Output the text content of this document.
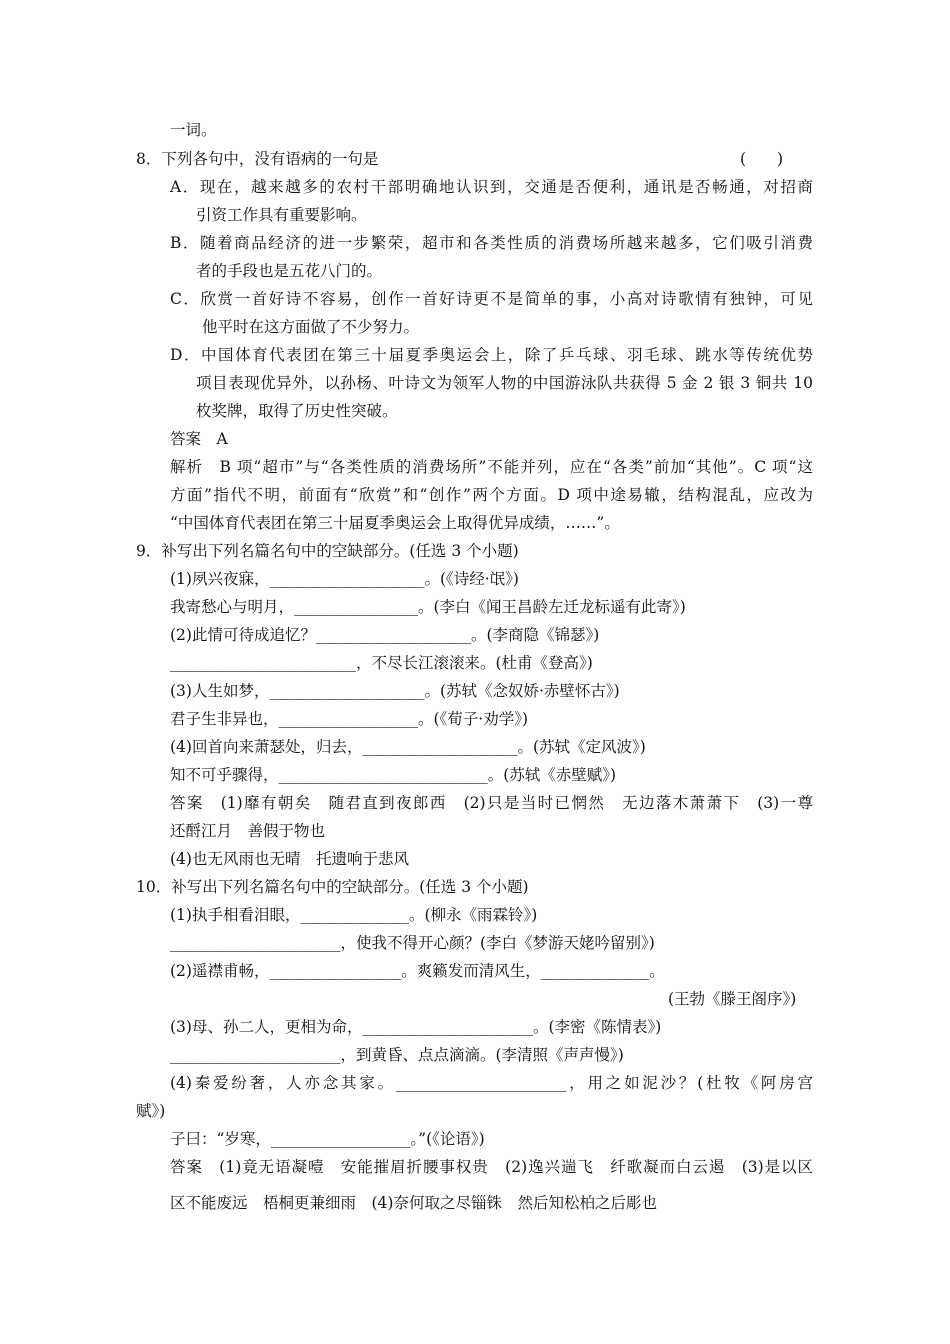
一词。
8．下列各句中，没有语病的一句是	(　　)
A．现在，越来越多的农村干部明确地认识到，交通是否便利，通讯是否畅通，对招商
引资工作具有重要影响。
B．随着商品经济的进一步繁荣，超市和各类性质的消费场所越来越多，它们吸引消费
者的手段也是五花八门的。
C．欣赏一首好诗不容易，创作一首好诗更不是简单的事，小高对诗歌情有独钟，可见
他平时在这方面做了不少努力。
D．中国体育代表团在第三十届夏季奥运会上，除了乒乓球、羽毛球、跳水等传统优势
项目表现优异外，以孙杨、叶诗文为领军人物的中国游泳队共获得 5 金 2 银 3 铜共 10
枚奖牌，取得了历史性突破。
答案　A
解析　B 项“超市”与“各类性质的消费场所”不能并列，应在“各类”前加“其他”。C 项“这
方面”指代不明，前面有“欣赏”和“创作”两个方面。D 项中途易辙，结构混乱，应改为
“中国体育代表团在第三十届夏季奥运会上取得优异成绩，……”。
9．补写出下列名篇名句中的空缺部分。(任选 3 个小题)
(1)夙兴夜寐，____________________。(《诗经·氓》)
我寄愁心与明月，________________。(李白《闻王昌龄左迁龙标遥有此寄》)
(2)此情可待成追忆？____________________。(李商隐《锦瑟》)
________________________，不尽长江滚滚来。(杜甫《登高》)
(3)人生如梦，____________________。(苏轼《念奴娇·赤壁怀古》)
君子生非异也，__________________。(《荀子·劝学》)
(4)回首向来萧瑟处，归去，____________________。(苏轼《定风波》)
知不可乎骤得，___________________________。(苏轼《赤壁赋》)
答案　(1)靡有朝矣　随君直到夜郎西　(2)只是当时已惘然　无边落木萧萧下　(3)一尊
还酹江月　善假于物也
(4)也无风雨也无晴　托遗响于悲风
10．补写出下列名篇名句中的空缺部分。(任选 3 个小题)
(1)执手相看泪眼，______________。(柳永《雨霖铃》)
______________________，使我不得开心颜？(李白《梦游天姥吟留别》)
(2)遥襟甫畅，_________________。爽籁发而清风生，______________。
(王勃《滕王阁序》)
(3)母、孙二人，更相为命，______________________。(李密《陈情表》)
______________________，到黄昏、点点滴滴。(李清照《声声慢》)
(4)秦爱纷奢，人亦念其家。______________________，用之如泥沙？(杜牧《阿房宫
赋》)
子曰：“岁寒，__________________。”(《论语》)
答案　(1)竟无语凝噎　安能摧眉折腰事权贵　(2)逸兴遄飞　纤歌凝而白云遏　(3)是以区
区不能废远　梧桐更兼细雨　(4)奈何取之尽锱铢　然后知松柏之后彫也
